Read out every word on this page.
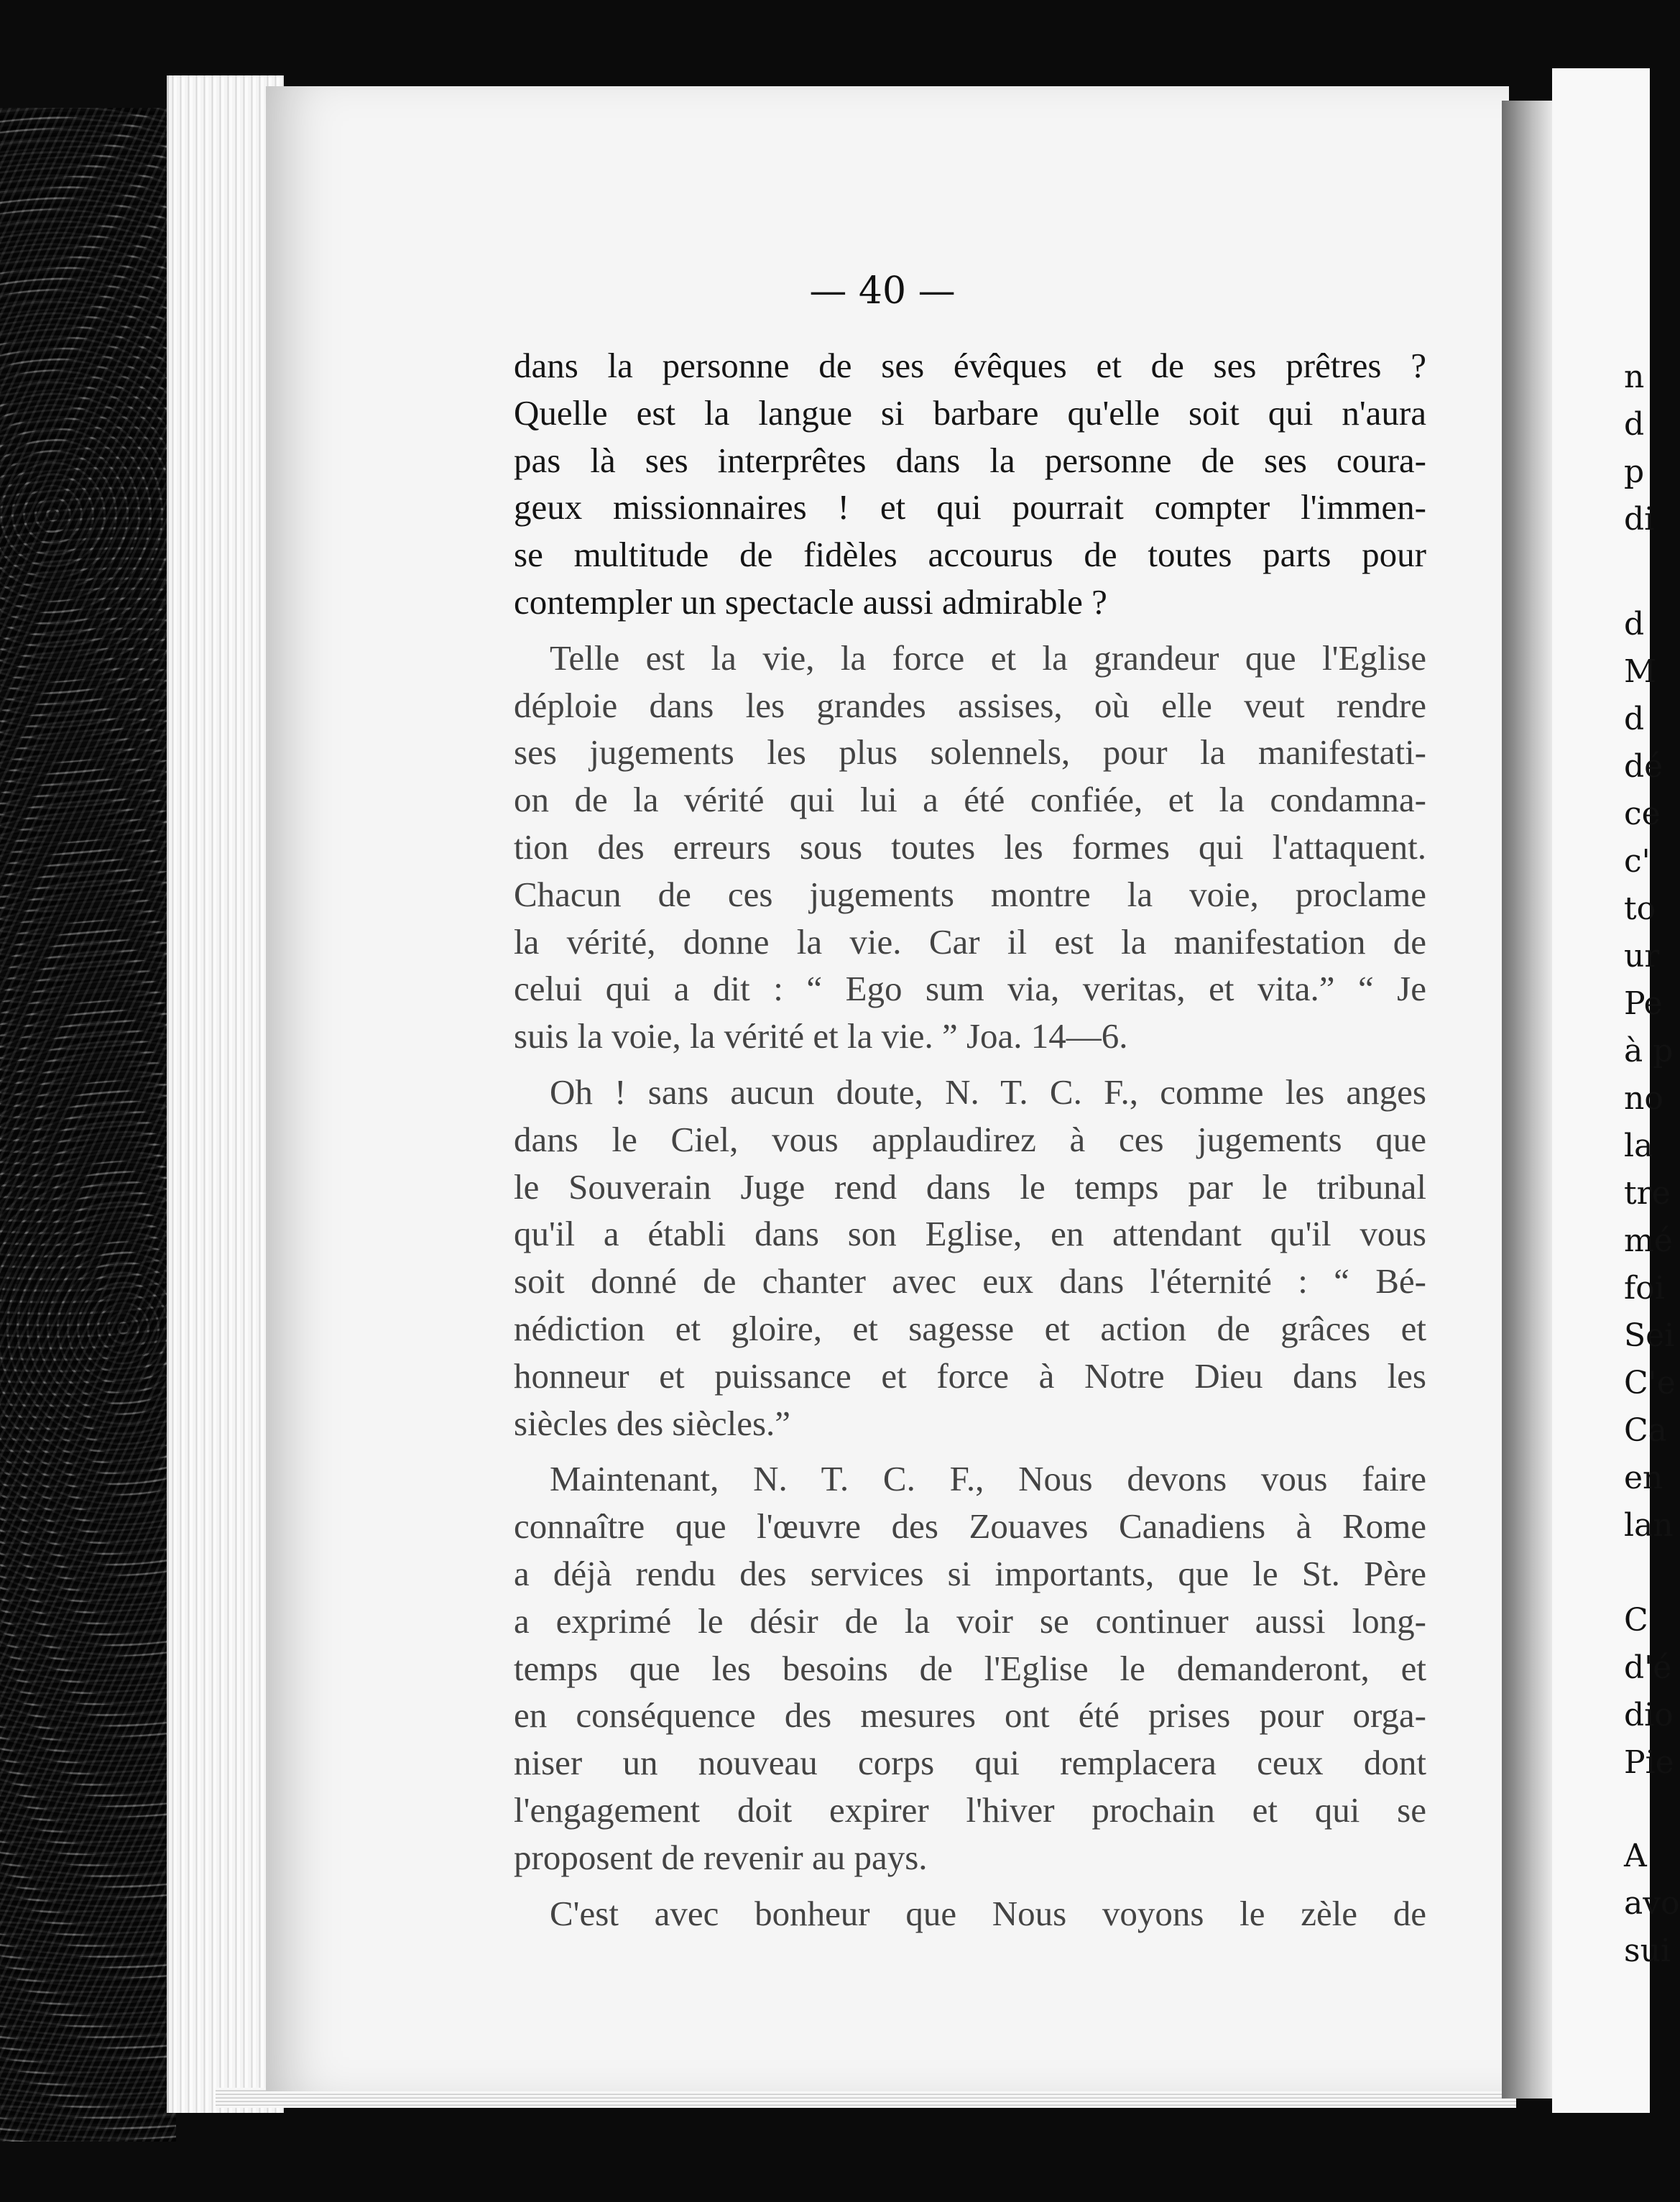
n
d
p
di
d
M
d
dé
ce
c'
to
ur
Pe
à p
no
la
tre
mé
foi
Sei
C'e
Ca
en
lan
C
d'é
dio
Pie
A
avo
sui
— 40 —
dans la personne de ses évêques et de ses prêtres ?
Quelle est la langue si barbare qu'elle soit qui n'aura
pas là ses interprêtes dans la personne de ses coura-
geux missionnaires ! et qui pourrait compter l'immen-
se multitude de fidèles accourus de toutes parts pour
contempler un spectacle aussi admirable ?
Telle est la vie, la force et la grandeur que l'Eglise
déploie dans les grandes assises, où elle veut rendre
ses jugements les plus solennels, pour la manifestati-
on de la vérité qui lui a été confiée, et la condamna-
tion des erreurs sous toutes les formes qui l'attaquent.
Chacun de ces jugements montre la voie, proclame
la vérité, donne la vie. Car il est la manifestation de
celui qui a dit : “ Ego sum via, veritas, et vita.” “ Je
suis la voie, la vérité et la vie. ” Joa. 14—6.
Oh ! sans aucun doute, N. T. C. F., comme les anges
dans le Ciel, vous applaudirez à ces jugements que
le Souverain Juge rend dans le temps par le tribunal
qu'il a établi dans son Eglise, en attendant qu'il vous
soit donné de chanter avec eux dans l'éternité : “ Bé-
nédiction et gloire, et sagesse et action de grâces et
honneur et puissance et force à Notre Dieu dans les
siècles des siècles.”
Maintenant, N. T. C. F., Nous devons vous faire
connaître que l'œuvre des Zouaves Canadiens à Rome
a déjà rendu des services si importants, que le St. Père
a exprimé le désir de la voir se continuer aussi long-
temps que les besoins de l'Eglise le demanderont, et
en conséquence des mesures ont été prises pour orga-
niser un nouveau corps qui remplacera ceux dont
l'engagement doit expirer l'hiver prochain et qui se
proposent de revenir au pays.
C'est avec bonheur que Nous voyons le zèle de
